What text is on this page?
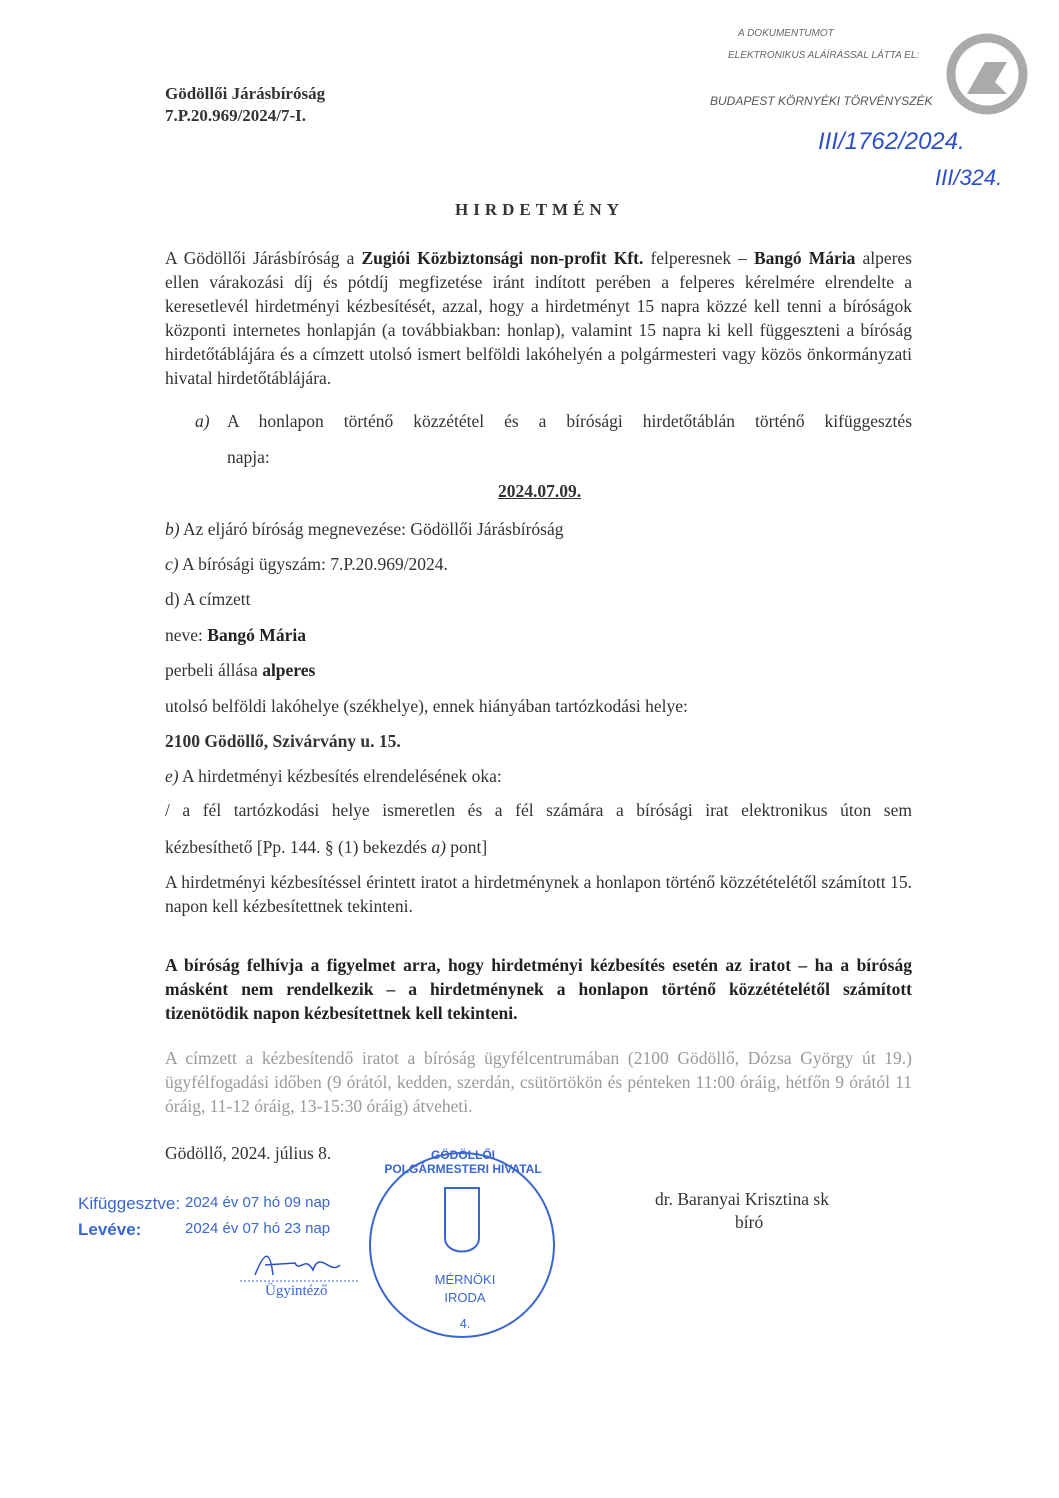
Gödöllői Járásbíróság
7.P.20.969/2024/7-I.
A DOKUMENTUMOT
ELEKTRONIKUS ALÁÍRÁSSAL LÁTTA EL:
BUDAPEST KÖRNYÉKI TÖRVÉNYSZÉK
III/1762/2024.
III/324.
HIRDETMÉNY
A Gödöllői Járásbíróság a Zugiói Közbiztonsági non-profit Kft. felperesnek – Bangó Mária alperes ellen várakozási díj és pótdíj megfizetése iránt indított perében a felperes kérelmére elrendelte a keresetlevél hirdetményi kézbesítését, azzal, hogy a hirdetményt 15 napra közzé kell tenni a bíróságok központi internetes honlapján (a továbbiakban: honlap), valamint 15 napra ki kell függeszteni a bíróság hirdetőtáblájára és a címzett utolsó ismert belföldi lakóhelyén a polgármesteri vagy közös önkormányzati hivatal hirdetőtáblájára.
a) A honlapon történő közzététel és a bírósági hirdetőtáblán történő kifüggesztés
napja:
2024.07.09.
b) Az eljáró bíróság megnevezése: Gödöllői Járásbíróság
c) A bírósági ügyszám: 7.P.20.969/2024.
d) A címzett
neve: Bangó Mária
perbeli állása alperes
utolsó belföldi lakóhelye (székhelye), ennek hiányában tartózkodási helye:
2100 Gödöllő, Szivárvány u. 15.
e) A hirdetményi kézbesítés elrendelésének oka:
/ a fél tartózkodási helye ismeretlen és a fél számára a bírósági irat elektronikus úton sem
kézbesíthető [Pp. 144. § (1) bekezdés a) pont]
A hirdetményi kézbesítéssel érintett iratot a hirdetménynek a honlapon történő közzétételétől számított 15. napon kell kézbesítettnek tekinteni.
A bíróság felhívja a figyelmet arra, hogy hirdetményi kézbesítés esetén az iratot – ha a bíróság másként nem rendelkezik – a hirdetménynek a honlapon történő közzétételétől számított tizenötödik napon kézbesítettnek kell tekinteni.
A címzett a kézbesítendő iratot a bíróság ügyfélcentrumában (2100 Gödöllő, Dózsa György út 19.) ügyfélfogadási időben (9 órától, kedden, szerdán, csütörtökön és pénteken 11:00 óráig, hétfőn 9 órától 11 óráig, 11-12 óráig, 13-15:30 óráig) átveheti.
Gödöllő, 2024. július 8.
dr. Baranyai Krisztina sk
bíró
Kifüggesztve: 2024 év 07 hó 09 nap
Levéve:	2024 év 07 hó 23 nap
Ügyintéző
GÖDÖLLŐI POLGÁRMESTERI HIVATAL
MÉRNÖKI
IRODA
4.
